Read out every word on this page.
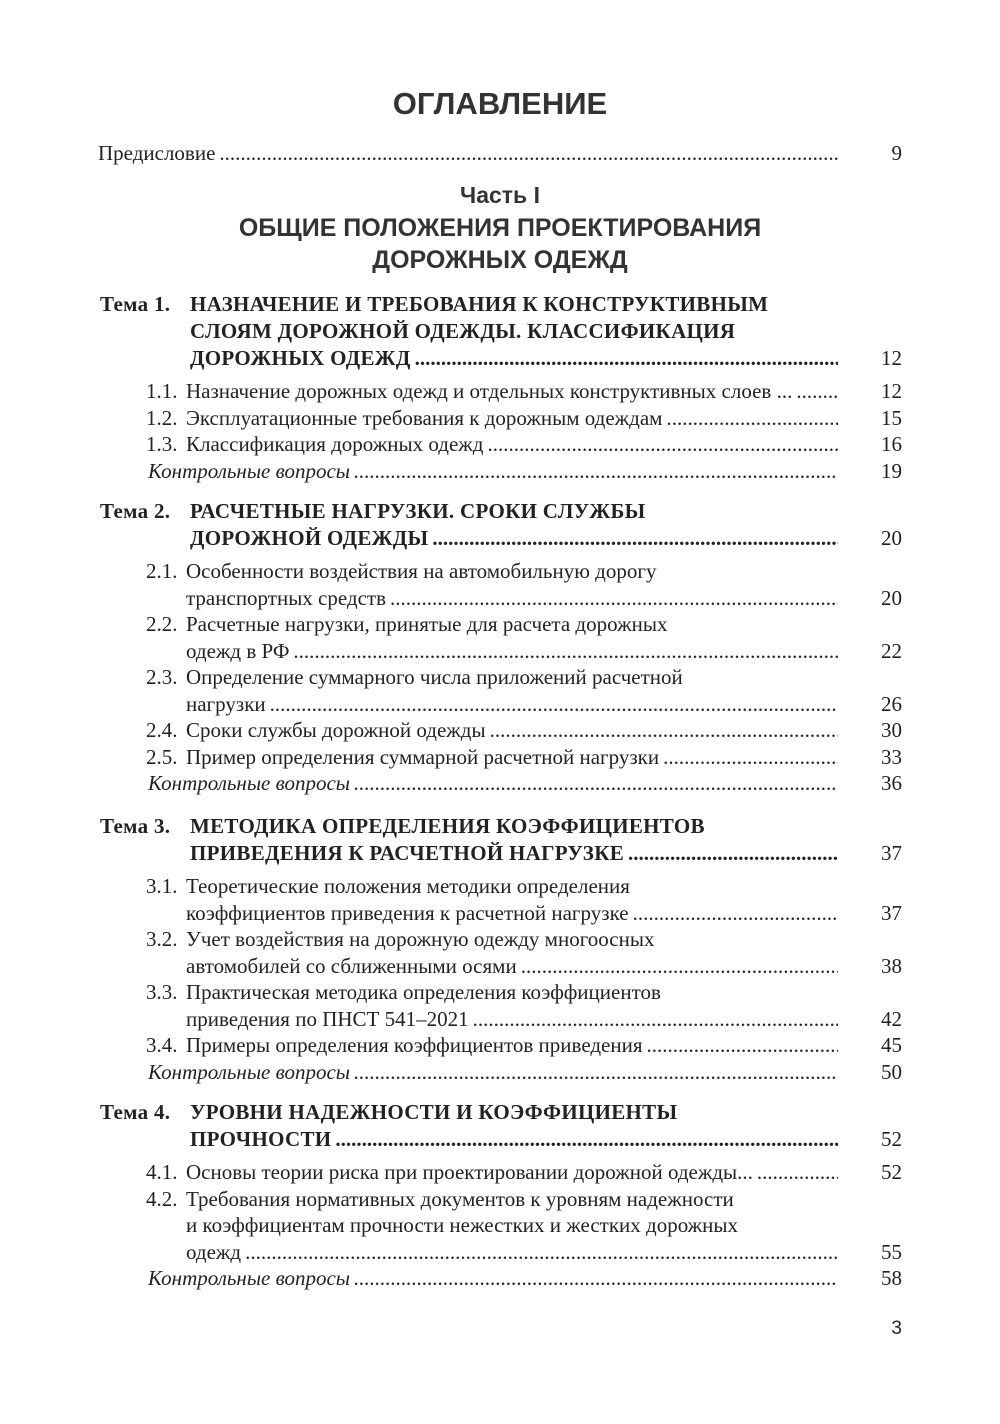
ОГЛАВЛЕНИЕ
Предисловие .....	9
Часть I
ОБЩИЕ ПОЛОЖЕНИЯ ПРОЕКТИРОВАНИЯ
ДОРОЖНЫХ ОДЕЖД
Тема 1. НАЗНАЧЕНИЕ И ТРЕБОВАНИЯ К КОНСТРУКТИВНЫМ
СЛОЯМ ДОРОЖНОЙ ОДЕЖДЫ. КЛАССИФИКАЦИЯ
ДОРОЖНЫХ ОДЕЖД .....	12
1.1. Назначение дорожных одежд и отдельных конструктивных слоев ... .....	12
1.2. Эксплуатационные требования к дорожным одеждам .....	15
1.3. Классификация дорожных одежд .....	16
Контрольные вопросы .....	19
Тема 2. РАСЧЕТНЫЕ НАГРУЗКИ. СРОКИ СЛУЖБЫ
ДОРОЖНОЙ ОДЕЖДЫ .....	20
2.1. Особенности воздействия на автомобильную дорогу
транспортных средств .....	20
2.2. Расчетные нагрузки, принятые для расчета дорожных
одежд в РФ .....	22
2.3. Определение суммарного числа приложений расчетной
нагрузки .....	26
2.4. Сроки службы дорожной одежды .....	30
2.5. Пример определения суммарной расчетной нагрузки .....	33
Контрольные вопросы .....	36
Тема 3. МЕТОДИКА ОПРЕДЕЛЕНИЯ КОЭФФИЦИЕНТОВ
ПРИВЕДЕНИЯ К РАСЧЕТНОЙ НАГРУЗКЕ .....	37
3.1. Теоретические положения методики определения
коэффициентов приведения к расчетной нагрузке .....	37
3.2. Учет воздействия на дорожную одежду многоосных
автомобилей со сближенными осями .....	38
3.3. Практическая методика определения коэффициентов
приведения по ПНСТ 541–2021 .....	42
3.4. Примеры определения коэффициентов приведения .....	45
Контрольные вопросы .....	50
Тема 4. УРОВНИ НАДЕЖНОСТИ И КОЭФФИЦИЕНТЫ
ПРОЧНОСТИ .....	52
4.1. Основы теории риска при проектировании дорожной одежды... .....	52
4.2. Требования нормативных документов к уровням надежности
и коэффициентам прочности нежестких и жестких дорожных
одежд .....	55
Контрольные вопросы .....	58
3
